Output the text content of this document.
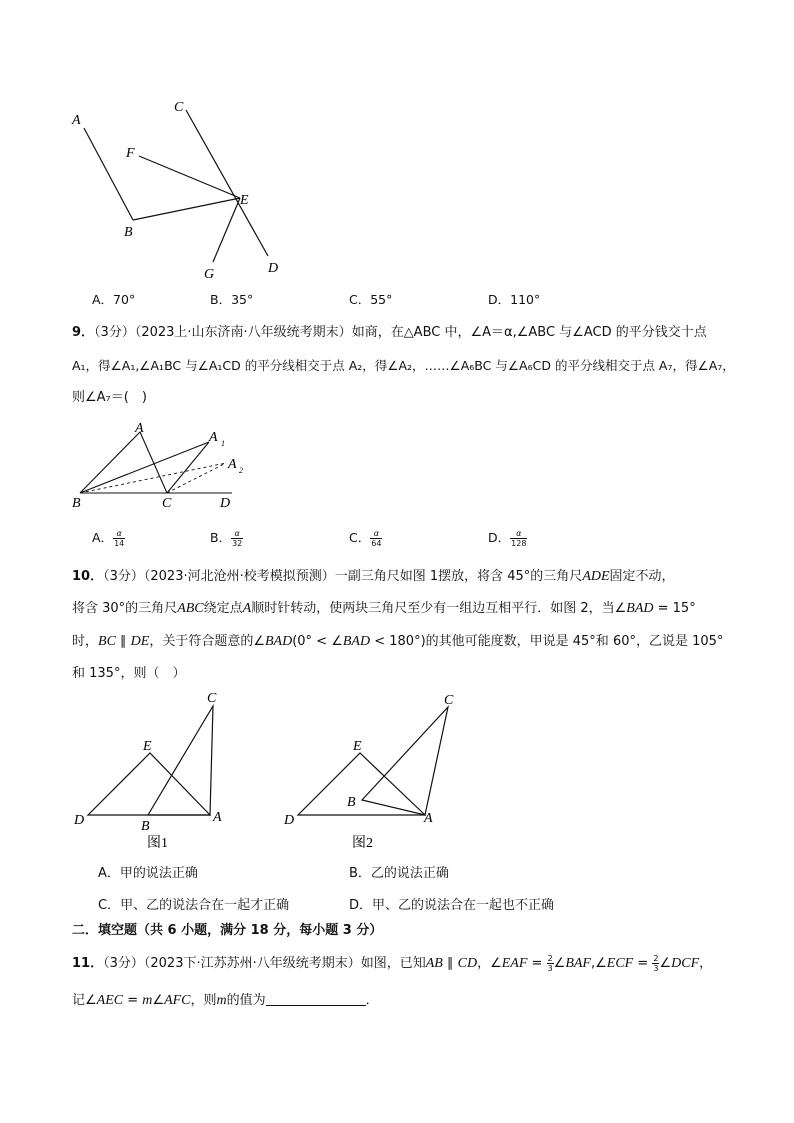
A
C
F
E
B
G	D
A．70°	B．35°	C．55°	D．110°
9．（3分）（2023上·山东济南·八年级统考期末）如商，在△ABC 中，∠A＝α,∠ABC 与∠ACD 的平分钱交十点
A₁，得∠A₁,∠A₁BC 与∠A₁CD 的平分线相交于点 A₂，得∠A₂，……∠A₆BC 与∠A₆CD 的平分线相交于点 A₇，得∠A₇，
则∠A₇＝(　)
A
A 1
A 2
B	C	D
A． $\frac{\alpha}{14}$	B． $\frac{\alpha}{32}$	C． $\frac{\alpha}{64}$	D． $\frac{\alpha}{128}$
10．（3分）（2023·河北沧州·校考模拟预测）一副三角尺如图 1摆放，将含 45°的三角尺ADE固定不动，
将含 30°的三角尺ABC绕定点A顺时针转动，使两块三角尺至少有一组边互相平行．如图 2，当∠BAD = 15°
时，BC ∥ DE，关于符合题意的∠BAD(0° < ∠BAD < 180°)的其他可能度数，甲说是 45°和 60°，乙说是 105°
和 135°，则（　）
C
E
D	B
A
图1
C
E
B
D	A
图2
A．甲的说法正确	B．乙的说法正确
C．甲、乙的说法合在一起才正确	D．甲、乙的说法合在一起也不正确
二．填空题（共 6 小题，满分 18 分，每小题 3 分）
11．（3分）（2023下·江苏苏州·八年级统考期末）如图，已知AB ∥ CD，∠EAF = $\frac{2}{3}$ ∠BAF,∠ECF = $\frac{2}{3}$ ∠DCF，
记∠AEC = m∠AFC，则m的值为	．
